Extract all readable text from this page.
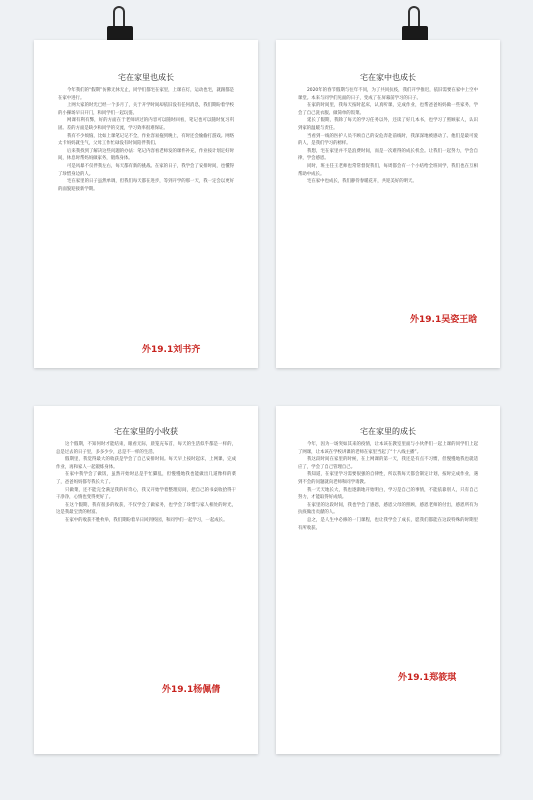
宅在家里也成长

今年我们的“假期”仿佛无休无止，同学们都宅在家里，上课在灯，运动也宅，就跟都是在家中进行。

上网大家的时光已经一个多月了，关于开学时间却依旧没有任何消息，我们期盼着学校的小操场早日开门，和同学们一起玩耍。

网课有利有弊，好的方面在于老师讲过的内容可以随时回看，笔记也可以随时复习巩固。差的方面是缺少和同学的交流，学习效率很难保证。

我有不少烦恼，比如上课笔记记不全，作业容易拖到晚上，有时还会偷偷打游戏。网络太卡妈妈就生气，父母工作忙碌没有时间陪伴我们。

后来我找到了解决这些问题的办法：笔记内容看老师发的课件补充，作业按计划定好时间，休息时帮妈妈做家务，锻炼身体。

可是风暴不仅伴我左右，每天都有新的挑战。在家的日子，我学会了安排时间，也懂得了珍惜身边的人。

宅在家里的日子虽然单调，但我们每天都在进步，等到开学的那一天，我一定会以更好的面貌迎接新学期。

外19.1刘书齐
宅在家中也成长

2020年的春节假期与往年不同，为了共同抗疫，我们开学推迟，依旧需要在家中上空中课堂。本来与同学们见面的日子，变成了在屏幕前学习的日子。

在家的时间里，我每天按时起床，认真听课，完成作业，也帮爸爸妈妈做一些家务，学会了自己洗衣服、做简单的饭菜。

延长了假期，我除了每天的学习任务以外，还读了好几本书，也学习了照顾家人，认识到家的温暖与责任。

当看到一线的医护人员不顾自己的安危奔赴前线时，我深深地被感动了。他们是最可爱的人，是我们学习的榜样。

我想，宅在家里并不是浪费时间，而是一次难得的成长机会。让我们一起努力，学会自律，学会感恩。

同时，班主任王老师也常常督促我们，每周都会有一个小结给全班同学，我们也在互相帮助中成长。

宅在家中也成长，我们静待春暖花开，共迎美好的明天。

外19.1吴姿王晗
宅在家里的小收获

这个假期，不知何时才能结束，眼看无际，晨笼充布首，每天的生活似乎都是一样的，总是过去的日子里，多多少少，总是不一样的生活。

假期里，我觉得最大的收获是学会了自己安排时间。每天早上按时起床，上网课，完成作业，再和家人一起锻炼身体。

在家中我学会了做饭，虽然开始时总是手忙脚乱，但慢慢地我也能做出几道像样的菜了，爸爸妈妈都夸我长大了。

只做菜，还不能完全满足我的好奇心，我又开始学着整理房间，把自己的书桌收拾得干干净净，心情也变得更好了。

在这个假期，我有很多的收获，不仅学会了做家务，也学会了珍惜与家人相处的时光，这是我最宝贵的财富。

在家中的收获不胜枚举，我们期盼着早日回到校园，和同学们一起学习，一起成长。

外19.1杨佩倩
宅在家里的成长

今年，因为一场突如其来的疫情，让本该在教室里面与小伙伴们一起上课的同学们上起了网课，让本该在学校讲课的老师在家里当起了“十八线主播”。

我这段时间在家里的时候，在上网课的第一天，我还是有点不习惯，但慢慢地我也就适应了，学会了自己管理自己。

我知道，在家里学习需要很强的自律性，所以我每天都会制定计划，按时完成作业，遇到不会的问题就向老师和同学请教。

我一天天地长大，我也逐渐地开始明白，学习是自己的事情，不能依靠别人，只有自己努力，才能取得好成绩。

在家里的这段时间，我也学会了感恩，感恩父母的照顾，感恩老师的付出，感恩所有为抗疫做出贡献的人。

总之，是人生中必修的一门课程，也让我学会了成长，愿我们都能在这段特殊的时期里有所收获。

外19.1郑筱琪
